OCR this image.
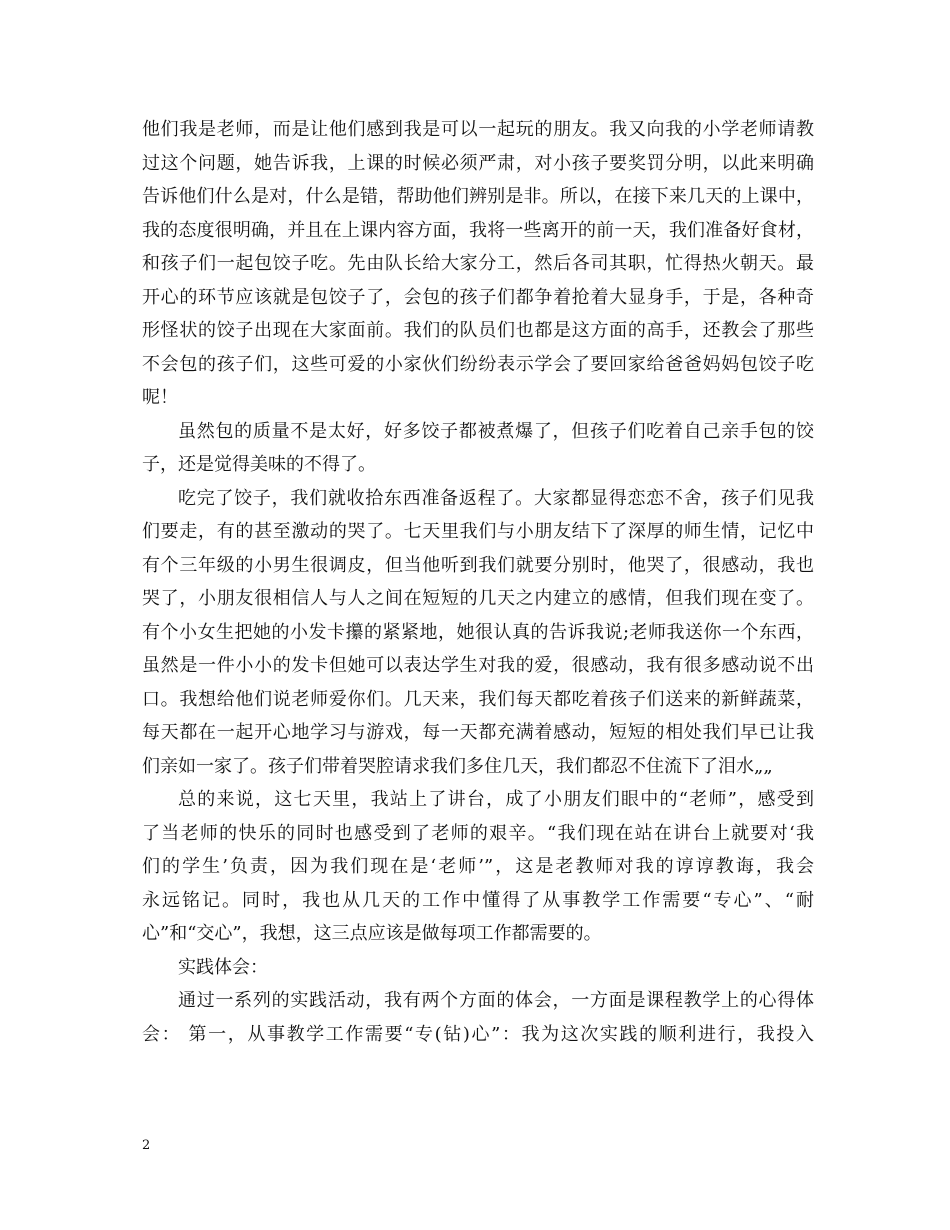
他们我是老师，而是让他们感到我是可以一起玩的朋友。我又向我的小学老师请教
过这个问题，她告诉我，上课的时候必须严肃，对小孩子要奖罚分明，以此来明确
告诉他们什么是对，什么是错，帮助他们辨别是非。所以，在接下来几天的上课中，
我的态度很明确，并且在上课内容方面，我将一些离开的前一天，我们准备好食材，
和孩子们一起包饺子吃。先由队长给大家分工，然后各司其职，忙得热火朝天。最
开心的环节应该就是包饺子了，会包的孩子们都争着抢着大显身手，于是，各种奇
形怪状的饺子出现在大家面前。我们的队员们也都是这方面的高手，还教会了那些
不会包的孩子们，这些可爱的小家伙们纷纷表示学会了要回家给爸爸妈妈包饺子吃
呢！
虽然包的质量不是太好，好多饺子都被煮爆了，但孩子们吃着自己亲手包的饺
子，还是觉得美味的不得了。
吃完了饺子，我们就收拾东西准备返程了。大家都显得恋恋不舍，孩子们见我
们要走，有的甚至激动的哭了。七天里我们与小朋友结下了深厚的师生情，记忆中
有个三年级的小男生很调皮，但当他听到我们就要分别时，他哭了，很感动，我也
哭了，小朋友很相信人与人之间在短短的几天之内建立的感情，但我们现在变了。
有个小女生把她的小发卡攥的紧紧地，她很认真的告诉我说;老师我送你一个东西，
虽然是一件小小的发卡但她可以表达学生对我的爱，很感动，我有很多感动说不出
口。我想给他们说老师爱你们。几天来，我们每天都吃着孩子们送来的新鲜蔬菜，
每天都在一起开心地学习与游戏，每一天都充满着感动，短短的相处我们早已让我
们亲如一家了。孩子们带着哭腔请求我们多住几天，我们都忍不住流下了泪水„„
总的来说，这七天里，我站上了讲台，成了小朋友们眼中的“老师”，感受到
了当老师的快乐的同时也感受到了老师的艰辛。“我们现在站在讲台上就要对‘我
们的学生’负责，因为我们现在是‘老师’”，这是老教师对我的谆谆教诲，我会
永远铭记。同时，我也从几天的工作中懂得了从事教学工作需要“专心”、“耐
心”和“交心”，我想，这三点应该是做每项工作都需要的。
实践体会：
通过一系列的实践活动，我有两个方面的体会，一方面是课程教学上的心得体
会： 第一，从事教学工作需要“专(钻)心”：我为这次实践的顺利进行，我投入
2
